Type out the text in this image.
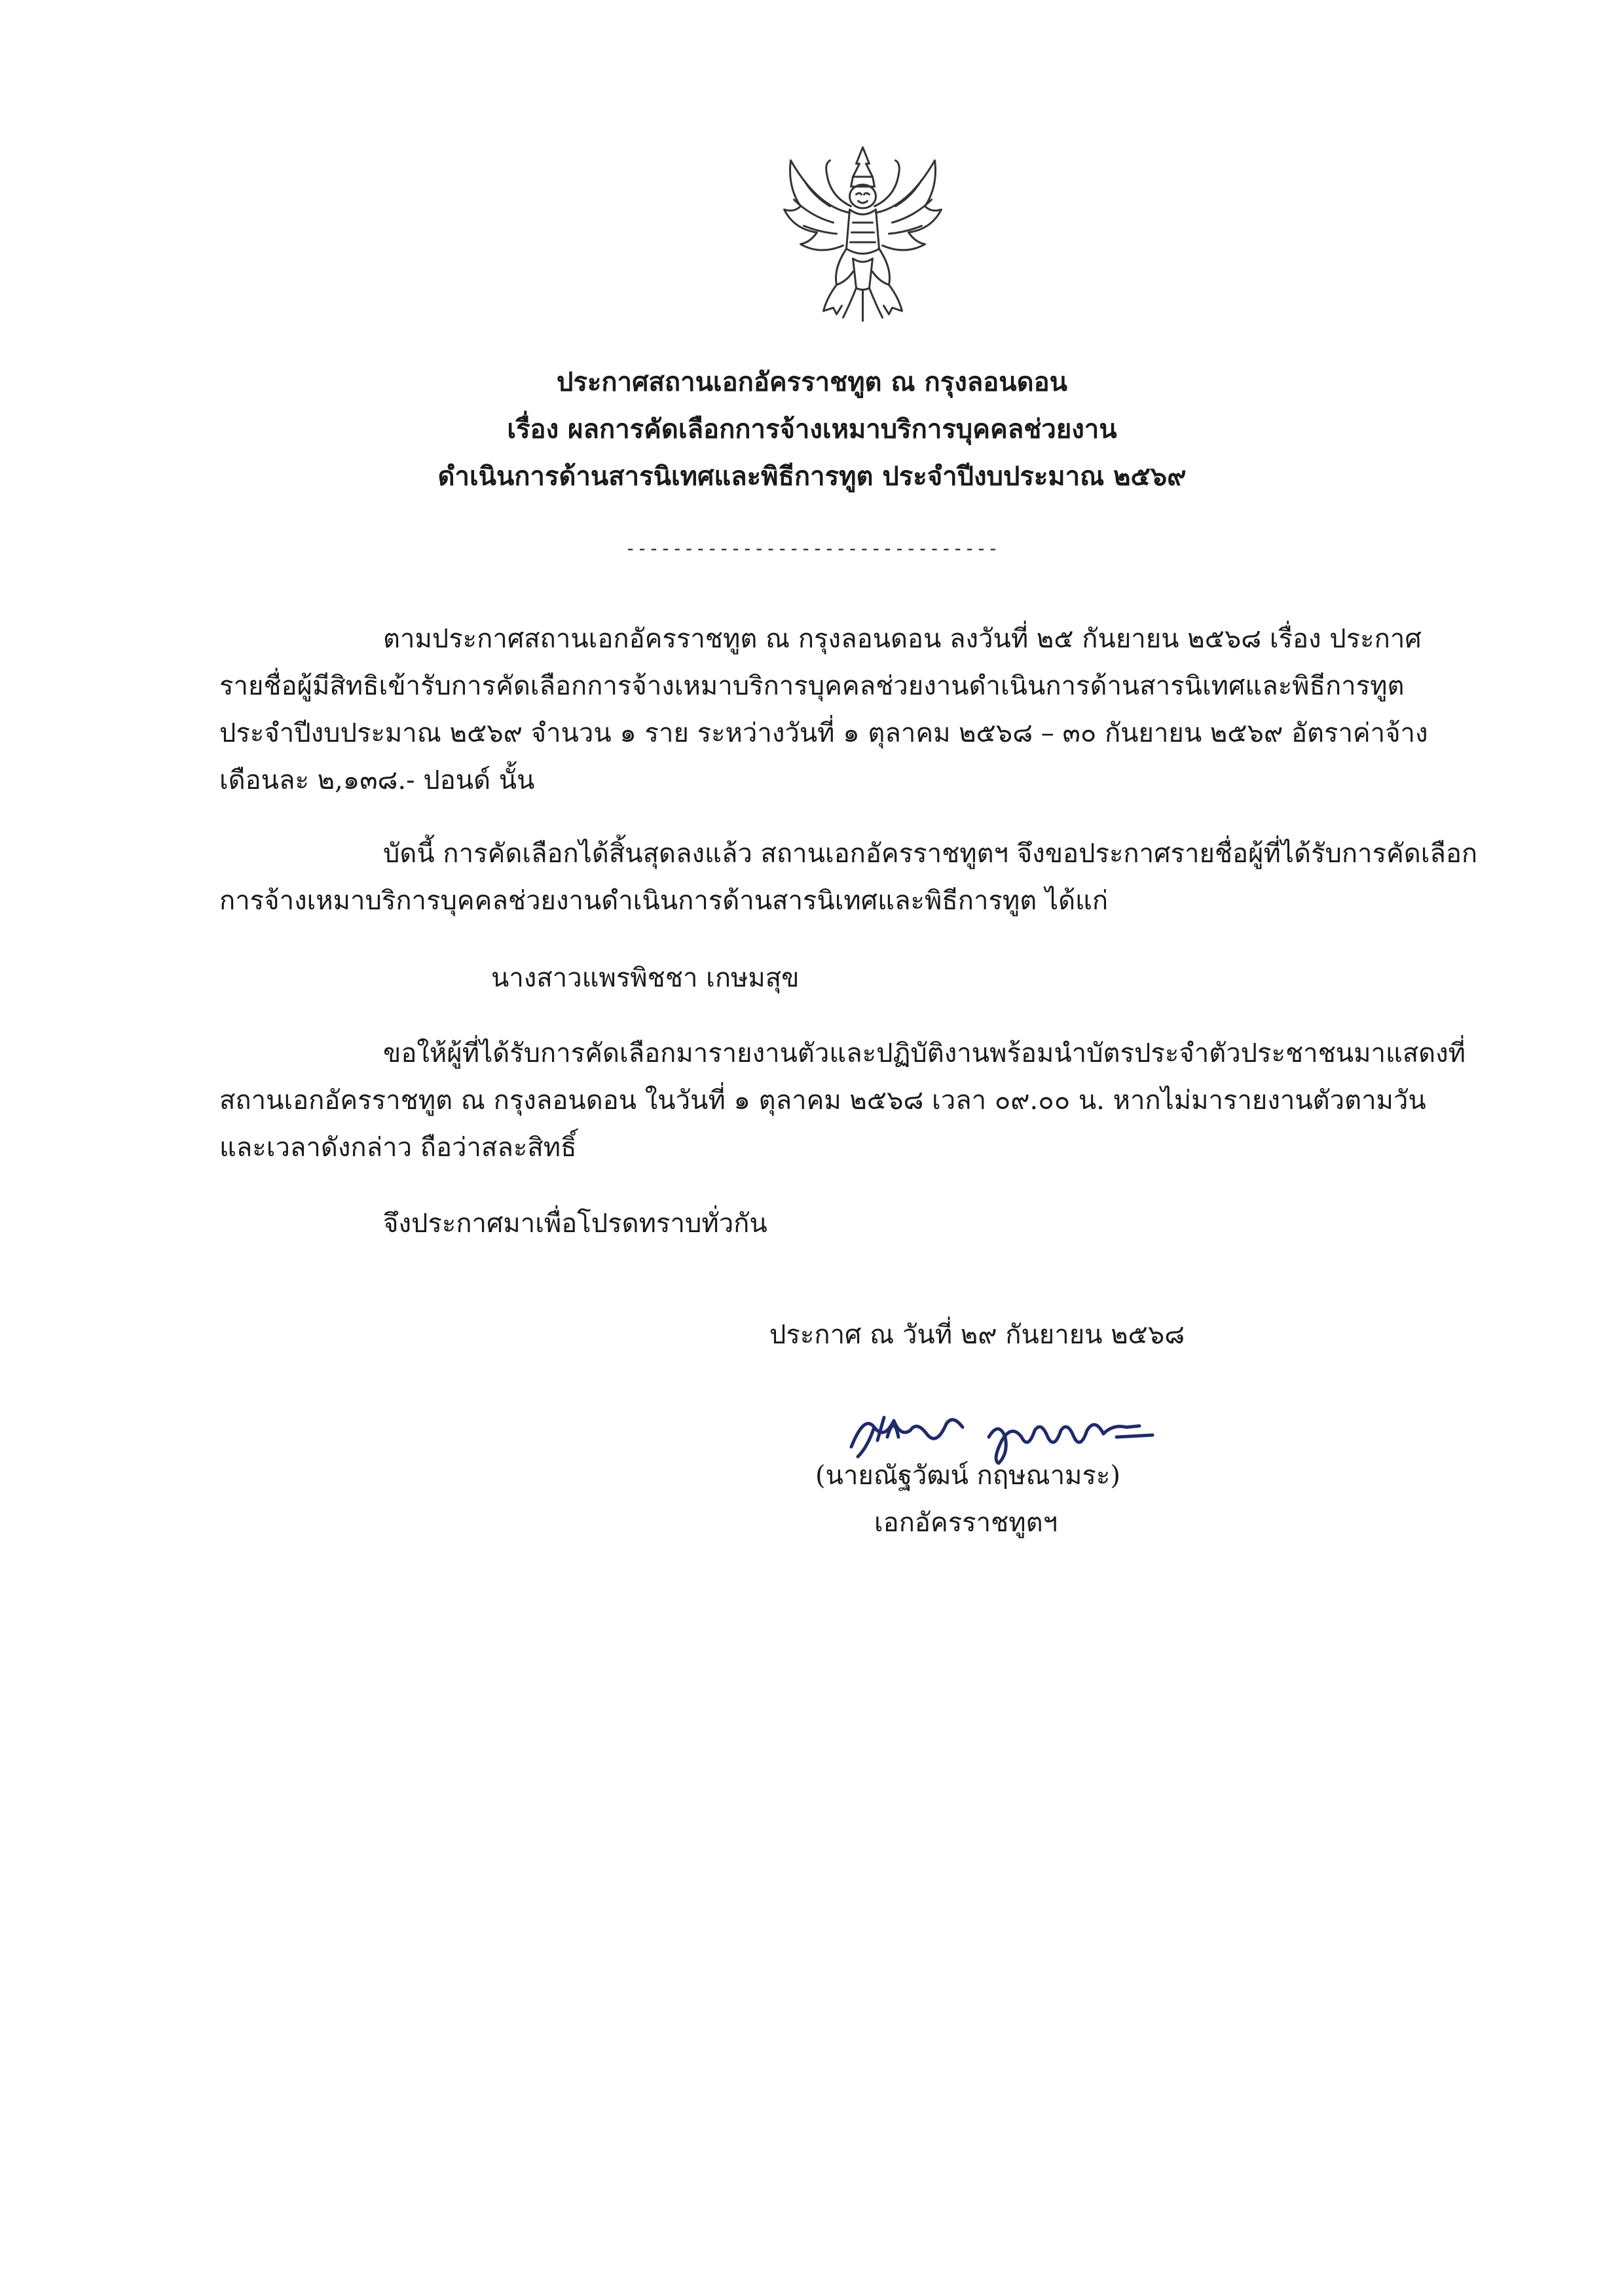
ประกาศสถานเอกอัครราชทูต ณ กรุงลอนดอน
เรื่อง ผลการคัดเลือกการจ้างเหมาบริการบุคคลช่วยงาน
ดำเนินการด้านสารนิเทศและพิธีการทูต ประจำปีงบประมาณ ๒๕๖๙
--------------------------------
ตามประกาศสถานเอกอัครราชทูต ณ กรุงลอนดอน ลงวันที่ ๒๕ กันยายน ๒๕๖๘ เรื่อง ประกาศ
รายชื่อผู้มีสิทธิเข้ารับการคัดเลือกการจ้างเหมาบริการบุคคลช่วยงานดำเนินการด้านสารนิเทศและพิธีการทูต
ประจำปีงบประมาณ ๒๕๖๙ จำนวน ๑ ราย ระหว่างวันที่ ๑ ตุลาคม ๒๕๖๘ – ๓๐ กันยายน ๒๕๖๙ อัตราค่าจ้าง
เดือนละ ๒,๑๓๘.- ปอนด์ นั้น
บัดนี้ การคัดเลือกได้สิ้นสุดลงแล้ว สถานเอกอัครราชทูตฯ จึงขอประกาศรายชื่อผู้ที่ได้รับการคัดเลือก
การจ้างเหมาบริการบุคคลช่วยงานดำเนินการด้านสารนิเทศและพิธีการทูต ได้แก่
นางสาวแพรพิชชา เกษมสุข
ขอให้ผู้ที่ได้รับการคัดเลือกมารายงานตัวและปฏิบัติงานพร้อมนำบัตรประจำตัวประชาชนมาแสดงที่
สถานเอกอัครราชทูต ณ กรุงลอนดอน ในวันที่ ๑ ตุลาคม ๒๕๖๘ เวลา ๐๙.๐๐ น. หากไม่มารายงานตัวตามวัน
และเวลาดังกล่าว ถือว่าสละสิทธิ์
จึงประกาศมาเพื่อโปรดทราบทั่วกัน
ประกาศ ณ วันที่ ๒๙ กันยายน ๒๕๖๘
(นายณัฐวัฒน์ กฤษณามระ)
เอกอัครราชทูตฯ
